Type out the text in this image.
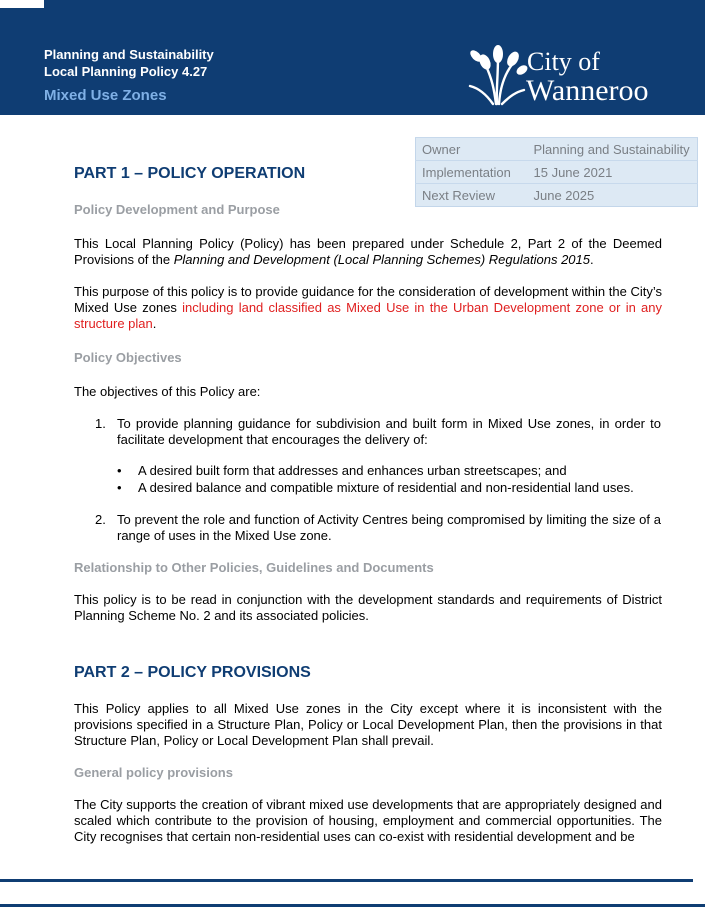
Planning and Sustainability
Local Planning Policy 4.27
Mixed Use Zones
City of
Wanneroo
Owner	Planning and Sustainability
Implementation	15 June 2021
Next Review	June 2025
PART 1 – POLICY OPERATION
Policy Development and Purpose
This Local Planning Policy (Policy) has been prepared under Schedule 2, Part 2 of the Deemed Provisions of the Planning and Development (Local Planning Schemes) Regulations 2015.
This purpose of this policy is to provide guidance for the consideration of development within the City’s Mixed Use zones including land classified as Mixed Use in the Urban Development zone or in any structure plan.
Policy Objectives
The objectives of this Policy are:
1. To provide planning guidance for subdivision and built form in Mixed Use zones, in order to facilitate development that encourages the delivery of:
• A desired built form that addresses and enhances urban streetscapes; and
• A desired balance and compatible mixture of residential and non-residential land uses.
2. To prevent the role and function of Activity Centres being compromised by limiting the size of a range of uses in the Mixed Use zone.
Relationship to Other Policies, Guidelines and Documents
This policy is to be read in conjunction with the development standards and requirements of District Planning Scheme No. 2 and its associated policies.
PART 2 – POLICY PROVISIONS
This Policy applies to all Mixed Use zones in the City except where it is inconsistent with the provisions specified in a Structure Plan, Policy or Local Development Plan, then the provisions in that Structure Plan, Policy or Local Development Plan shall prevail.
General policy provisions
The City supports the creation of vibrant mixed use developments that are appropriately designed and scaled which contribute to the provision of housing, employment and commercial opportunities. The City recognises that certain non-residential uses can co-exist with residential development and be
